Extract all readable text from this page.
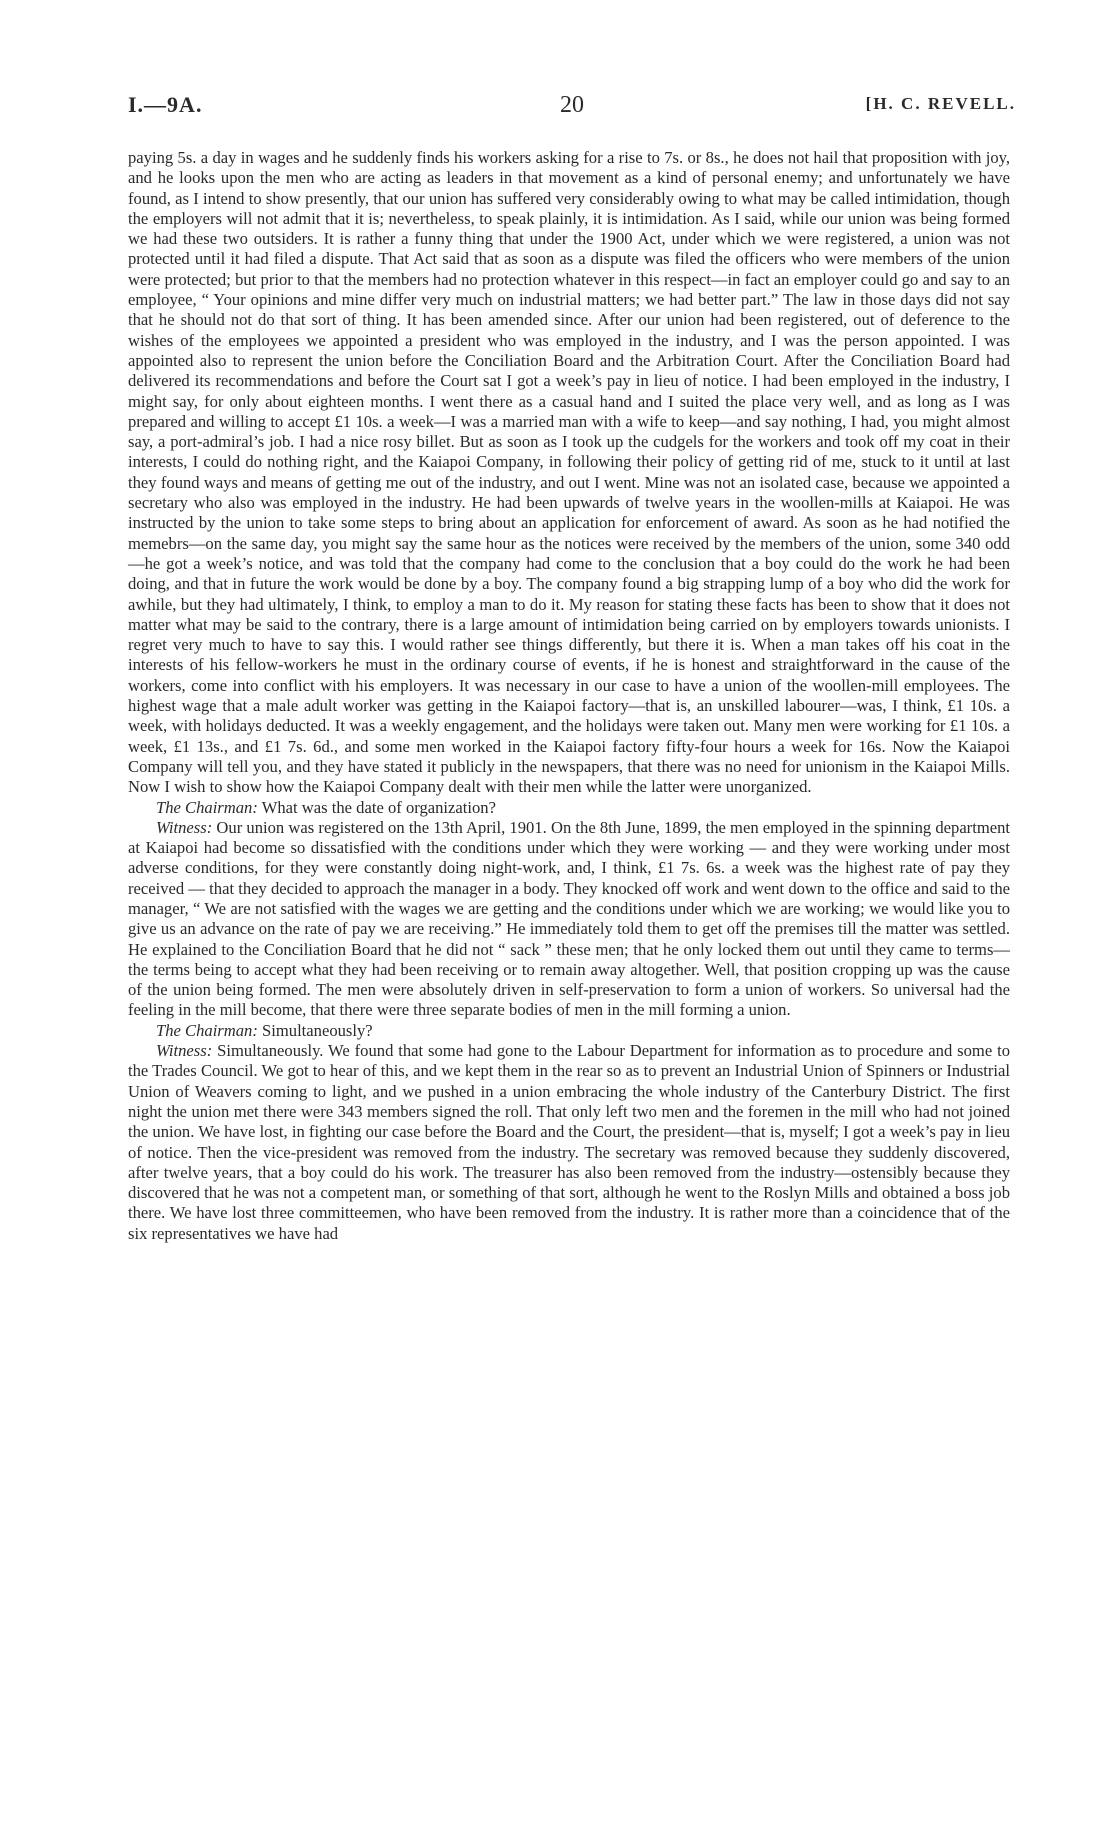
I.—9A.	20	[H. C. REVELL.

paying 5s. a day in wages and he suddenly finds his workers asking for a rise to 7s. or 8s., he does not hail that proposition with joy, and he looks upon the men who are acting as leaders in that movement as a kind of personal enemy; and unfortunately we have found, as I intend to show presently, that our union has suffered very considerably owing to what may be called intimidation, though the employers will not admit that it is; nevertheless, to speak plainly, it is intimidation. As I said, while our union was being formed we had these two outsiders. It is rather a funny thing that under the 1900 Act, under which we were registered, a union was not protected until it had filed a dispute. That Act said that as soon as a dispute was filed the officers who were members of the union were protected; but prior to that the members had no protection whatever in this respect—in fact an employer could go and say to an employee, “ Your opinions and mine differ very much on industrial matters; we had better part.” The law in those days did not say that he should not do that sort of thing. It has been amended since. After our union had been registered, out of deference to the wishes of the employees we appointed a president who was employed in the industry, and I was the person appointed. I was appointed also to represent the union before the Conciliation Board and the Arbitration Court. After the Conciliation Board had delivered its recommendations and before the Court sat I got a week’s pay in lieu of notice. I had been employed in the industry, I might say, for only about eighteen months. I went there as a casual hand and I suited the place very well, and as long as I was prepared and willing to accept £1 10s. a week—I was a married man with a wife to keep—and say nothing, I had, you might almost say, a port-admiral’s job. I had a nice rosy billet. But as soon as I took up the cudgels for the workers and took off my coat in their interests, I could do nothing right, and the Kaiapoi Company, in following their policy of getting rid of me, stuck to it until at last they found ways and means of getting me out of the industry, and out I went. Mine was not an isolated case, because we appointed a secretary who also was employed in the industry. He had been upwards of twelve years in the woollen-mills at Kaiapoi. He was instructed by the union to take some steps to bring about an application for enforcement of award. As soon as he had notified the memebrs—on the same day, you might say the same hour as the notices were received by the members of the union, some 340 odd—he got a week’s notice, and was told that the company had come to the conclusion that a boy could do the work he had been doing, and that in future the work would be done by a boy. The company found a big strapping lump of a boy who did the work for awhile, but they had ultimately, I think, to employ a man to do it. My reason for stating these facts has been to show that it does not matter what may be said to the contrary, there is a large amount of intimidation being carried on by employers towards unionists. I regret very much to have to say this. I would rather see things differently, but there it is. When a man takes off his coat in the interests of his fellow-workers he must in the ordinary course of events, if he is honest and straightforward in the cause of the workers, come into conflict with his employers. It was necessary in our case to have a union of the woollen-mill employees. The highest wage that a male adult worker was getting in the Kaiapoi factory—that is, an unskilled labourer—was, I think, £1 10s. a week, with holidays deducted. It was a weekly engagement, and the holidays were taken out. Many men were working for £1 10s. a week, £1 13s., and £1 7s. 6d., and some men worked in the Kaiapoi factory fifty-four hours a week for 16s. Now the Kaiapoi Company will tell you, and they have stated it publicly in the newspapers, that there was no need for unionism in the Kaiapoi Mills. Now I wish to show how the Kaiapoi Company dealt with their men while the latter were unorganized.

The Chairman: What was the date of organization?

Witness: Our union was registered on the 13th April, 1901. On the 8th June, 1899, the men employed in the spinning department at Kaiapoi had become so dissatisfied with the conditions under which they were working — and they were working under most adverse conditions, for they were constantly doing night-work, and, I think, £1 7s. 6s. a week was the highest rate of pay they received — that they decided to approach the manager in a body. They knocked off work and went down to the office and said to the manager, “ We are not satisfied with the wages we are getting and the conditions under which we are working; we would like you to give us an advance on the rate of pay we are receiving.” He immediately told them to get off the premises till the matter was settled. He explained to the Conciliation Board that he did not “ sack ” these men; that he only locked them out until they came to terms—the terms being to accept what they had been receiving or to remain away altogether. Well, that position cropping up was the cause of the union being formed. The men were absolutely driven in self-preservation to form a union of workers. So universal had the feeling in the mill become, that there were three separate bodies of men in the mill forming a union.

The Chairman: Simultaneously?

Witness: Simultaneously. We found that some had gone to the Labour Department for information as to procedure and some to the Trades Council. We got to hear of this, and we kept them in the rear so as to prevent an Industrial Union of Spinners or Industrial Union of Weavers coming to light, and we pushed in a union embracing the whole industry of the Canterbury District. The first night the union met there were 343 members signed the roll. That only left two men and the foremen in the mill who had not joined the union. We have lost, in fighting our case before the Board and the Court, the president—that is, myself; I got a week’s pay in lieu of notice. Then the vice-president was removed from the industry. The secretary was removed because they suddenly discovered, after twelve years, that a boy could do his work. The treasurer has also been removed from the industry—ostensibly because they discovered that he was not a competent man, or something of that sort, although he went to the Roslyn Mills and obtained a boss job there. We have lost three committeemen, who have been removed from the industry. It is rather more than a coincidence that of the six representatives we have had
